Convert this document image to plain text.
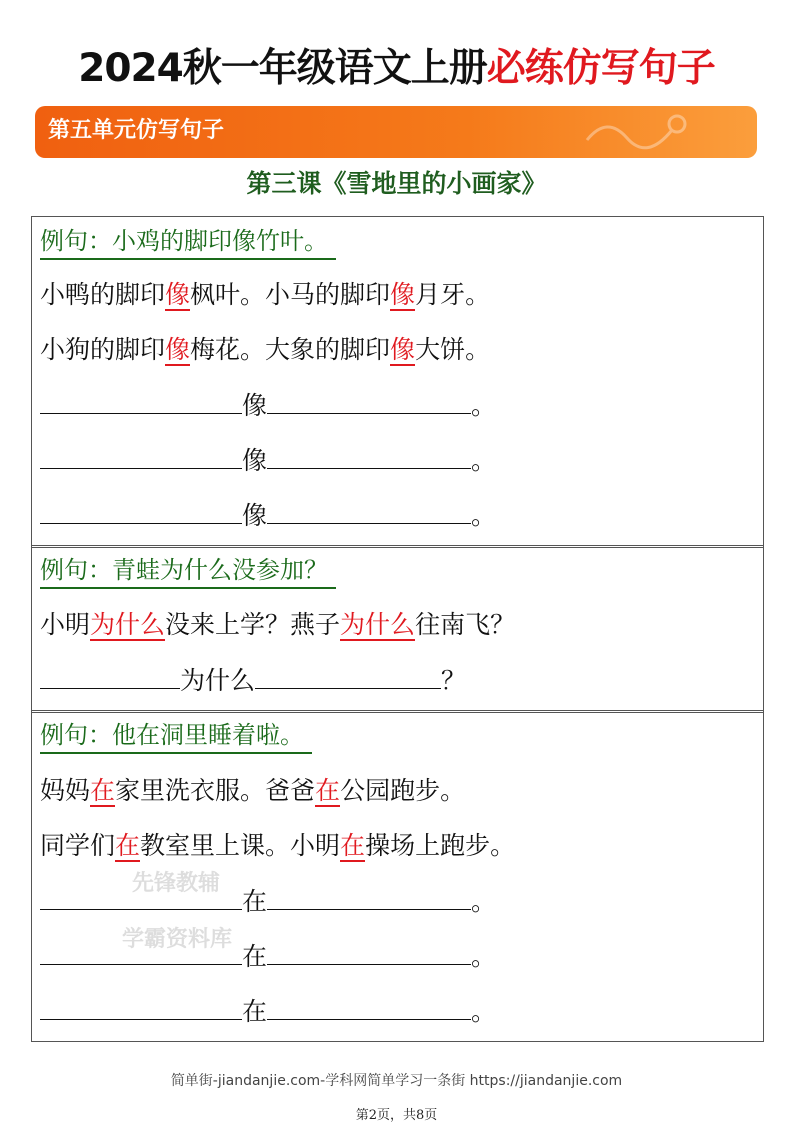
2024秋一年级语文上册必练仿写句子
第五单元仿写句子
第三课《雪地里的小画家》
例句：小鸡的脚印像竹叶。
小鸭的脚印像枫叶。小马的脚印像月牙。
小狗的脚印像梅花。大象的脚印像大饼。
像	。
像	。
像	。
例句：青蛙为什么没参加？
小明为什么没来上学？燕子为什么往南飞？
为什么	？
例句：他在洞里睡着啦。
妈妈在家里洗衣服。爸爸在公园跑步。
同学们在教室里上课。小明在操场上跑步。
在	。
在	。
在	。
先锋教辅
学霸资料库
简单街-jiandanjie.com-学科网简单学习一条街 https://jiandanjie.com
第2页，共8页
